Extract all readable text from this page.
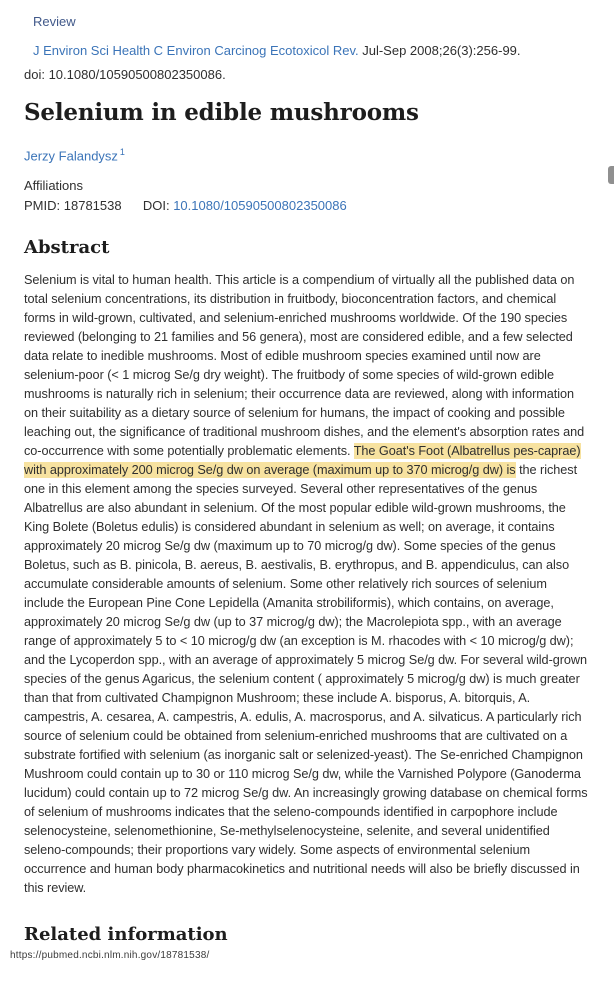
Review
J Environ Sci Health C Environ Carcinog Ecotoxicol Rev. Jul-Sep 2008;26(3):256-99.
doi: 10.1080/10590500802350086.
Selenium in edible mushrooms
Jerzy Falandysz $^1$
Affiliations
PMID: 18781538 DOI: 10.1080/10590500802350086
Abstract

Selenium is vital to human health. This article is a compendium of virtually all the published data on total selenium concentrations, its distribution in fruitbody, bioconcentration factors, and chemical forms in wild-grown, cultivated, and selenium-enriched mushrooms worldwide. Of the 190 species reviewed (belonging to 21 families and 56 genera), most are considered edible, and a few selected data relate to inedible mushrooms. Most of edible mushroom species examined until now are selenium-poor (< 1 microg Se/g dry weight). The fruitbody of some species of wild-grown edible mushrooms is naturally rich in selenium; their occurrence data are reviewed, along with information on their suitability as a dietary source of selenium for humans, the impact of cooking and possible leaching out, the significance of traditional mushroom dishes, and the element's absorption rates and co-occurrence with some potentially problematic elements. The Goat's Foot (Albatrellus pes-caprae) with approximately 200 microg Se/g dw on average (maximum up to 370 microg/g dw) is the richest one in this element among the species surveyed. Several other representatives of the genus Albatrellus are also abundant in selenium. Of the most popular edible wild-grown mushrooms, the King Bolete (Boletus edulis) is considered abundant in selenium as well; on average, it contains approximately 20 microg Se/g dw (maximum up to 70 microg/g dw). Some species of the genus Boletus, such as B. pinicola, B. aereus, B. aestivalis, B. erythropus, and B. appendiculus, can also accumulate considerable amounts of selenium. Some other relatively rich sources of selenium include the European Pine Cone Lepidella (Amanita strobiliformis), which contains, on average, approximately 20 microg Se/g dw (up to 37 microg/g dw); the Macrolepiota spp., with an average range of approximately 5 to < 10 microg/g dw (an exception is M. rhacodes with < 10 microg/g dw); and the Lycoperdon spp., with an average of approximately 5 microg Se/g dw. For several wild-grown species of the genus Agaricus, the selenium content ( approximately 5 microg/g dw) is much greater than that from cultivated Champignon Mushroom; these include A. bisporus, A. bitorquis, A. campestris, A. cesarea, A. campestris, A. edulis, A. macrosporus, and A. silvaticus. A particularly rich source of selenium could be obtained from selenium-enriched mushrooms that are cultivated on a substrate fortified with selenium (as inorganic salt or selenized-yeast). The Se-enriched Champignon Mushroom could contain up to 30 or 110 microg Se/g dw, while the Varnished Polypore (Ganoderma lucidum) could contain up to 72 microg Se/g dw. An increasingly growing database on chemical forms of selenium of mushrooms indicates that the seleno-compounds identified in carpophore include selenocysteine, selenomethionine, Se-methylselenocysteine, selenite, and several unidentified seleno-compounds; their proportions vary widely. Some aspects of environmental selenium occurrence and human body pharmacokinetics and nutritional needs will also be briefly discussed in this review.

Related information
https://pubmed.ncbi.nlm.nih.gov/18781538/
